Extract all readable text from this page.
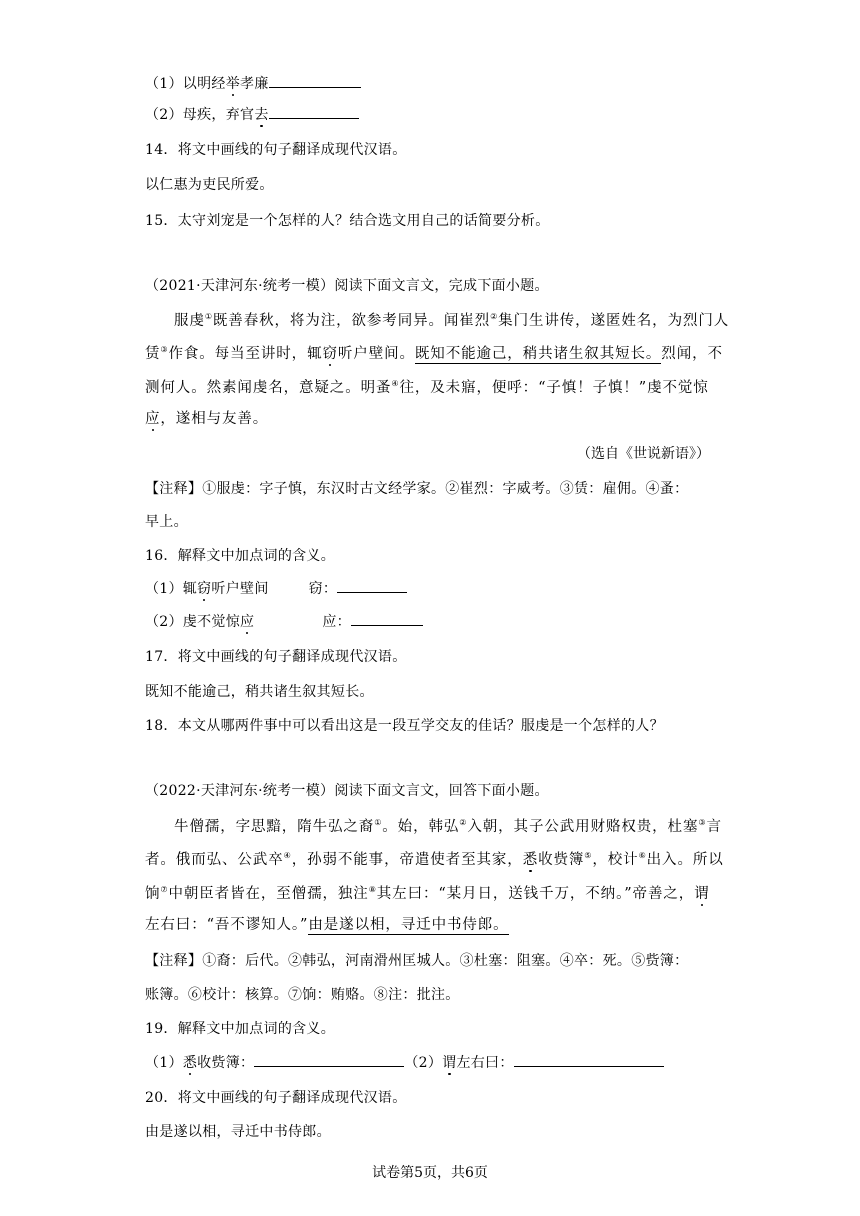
（1）以明经举孝廉
（2）母疾，弃官去
14．将文中画线的句子翻译成现代汉语。
以仁惠为吏民所爱。
15．太守刘宠是一个怎样的人？结合选文用自己的话简要分析。
（2021·天津河东·统考一模）阅读下面文言文，完成下面小题。
服虔①既善春秋，将为注，欲参考同异。闻崔烈②集门生讲传，遂匿姓名，为烈门人
赁③作食。每当至讲时，辄窃听户壁间。既知不能逾己，稍共诸生叙其短长。烈闻，不
测何人。然素闻虔名，意疑之。明蚤④往，及未寤，便呼：“子慎！子慎！”虔不觉惊
应，遂相与友善。
（选自《世说新语》）
【注释】①服虔：字子慎，东汉时古文经学家。②崔烈：字威考。③赁：雇佣。④蚤：
早上。
16．解释文中加点词的含义。
（1）辄窃听户壁间	窃：
（2）虔不觉惊应	应：
17．将文中画线的句子翻译成现代汉语。
既知不能逾己，稍共诸生叙其短长。
18．本文从哪两件事中可以看出这是一段互学交友的佳话？服虔是一个怎样的人？
（2022·天津河东·统考一模）阅读下面文言文，回答下面小题。
牛僧孺，字思黯，隋牛弘之裔①。始，韩弘②入朝，其子公武用财赂权贵，杜塞③言
者。俄而弘、公武卒④，孙弱不能事，帝遣使者至其家，悉收赀簿⑤，校计⑥出入。所以
饷⑦中朝臣者皆在，至僧孺，独注⑧其左曰：“某月日，送钱千万，不纳。”帝善之，谓
左右曰：“吾不谬知人。”由是遂以相，寻迁中书侍郎。
【注释】①裔：后代。②韩弘，河南滑州匡城人。③杜塞：阻塞。④卒：死。⑤赀簿：
账簿。⑥校计：核算。⑦饷：贿赂。⑧注：批注。
19．解释文中加点词的含义。
（1）悉收赀簿：	（2）谓左右曰：
20．将文中画线的句子翻译成现代汉语。
由是遂以相，寻迁中书侍郎。
试卷第5页，共6页
